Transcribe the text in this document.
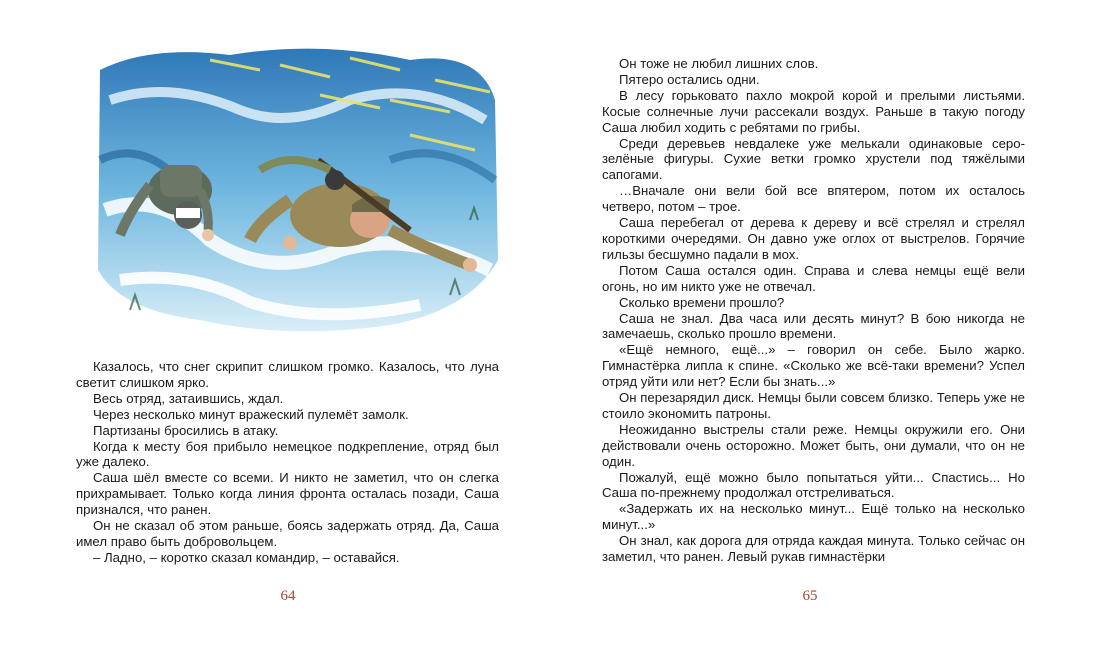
Казалось, что снег скрипит слишком громко. Казалось, что луна светит слишком ярко.

Весь отряд, затаившись, ждал.

Через несколько минут вражеский пулемёт замолк.

Партизаны бросились в атаку.

Когда к месту боя прибыло немецкое подкрепление, отряд был уже далеко.

Саша шёл вместе со всеми. И никто не заметил, что он слегка прихрамывает. Только когда линия фронта осталась позади, Саша признался, что ранен.

Он не сказал об этом раньше, боясь задержать отряд. Да, Саша имел право быть добровольцем.

– Ладно, – коротко сказал командир, – оставайся.

64

Он тоже не любил лишних слов.

Пятеро остались одни.

В лесу горьковато пахло мокрой корой и прелыми листьями. Косые солнечные лучи рассекали воздух. Раньше в такую погоду Саша любил ходить с ребятами по грибы.

Среди деревьев невдалеке уже мелькали одинаковые серо-зелёные фигуры. Сухие ветки громко хрустели под тяжёлыми сапогами.

…Вначале они вели бой все впятером, потом их осталось четверо, потом – трое.

Саша перебегал от дерева к дереву и всё стрелял и стрелял короткими очередями. Он давно уже оглох от выстрелов. Горячие гильзы бесшумно падали в мох.

Потом Саша остался один. Справа и слева немцы ещё вели огонь, но им никто уже не отвечал.

Сколько времени прошло?

Саша не знал. Два часа или десять минут? В бою никогда не замечаешь, сколько прошло времени.

«Ещё немного, ещё...» – говорил он себе. Было жарко. Гимнастёрка липла к спине. «Сколько же всё-таки времени? Успел отряд уйти или нет? Если бы знать...»

Он перезарядил диск. Немцы были совсем близко. Теперь уже не стоило экономить патроны.

Неожиданно выстрелы стали реже. Немцы окружили его. Они действовали очень осторожно. Может быть, они думали, что он не один.

Пожалуй, ещё можно было попытаться уйти... Спастись... Но Саша по-прежнему продолжал отстреливаться.

«Задержать их на несколько минут... Ещё только на несколько минут...»

Он знал, как дорога для отряда каждая минута. Только сейчас он заметил, что ранен. Левый рукав гимнастёрки

65
